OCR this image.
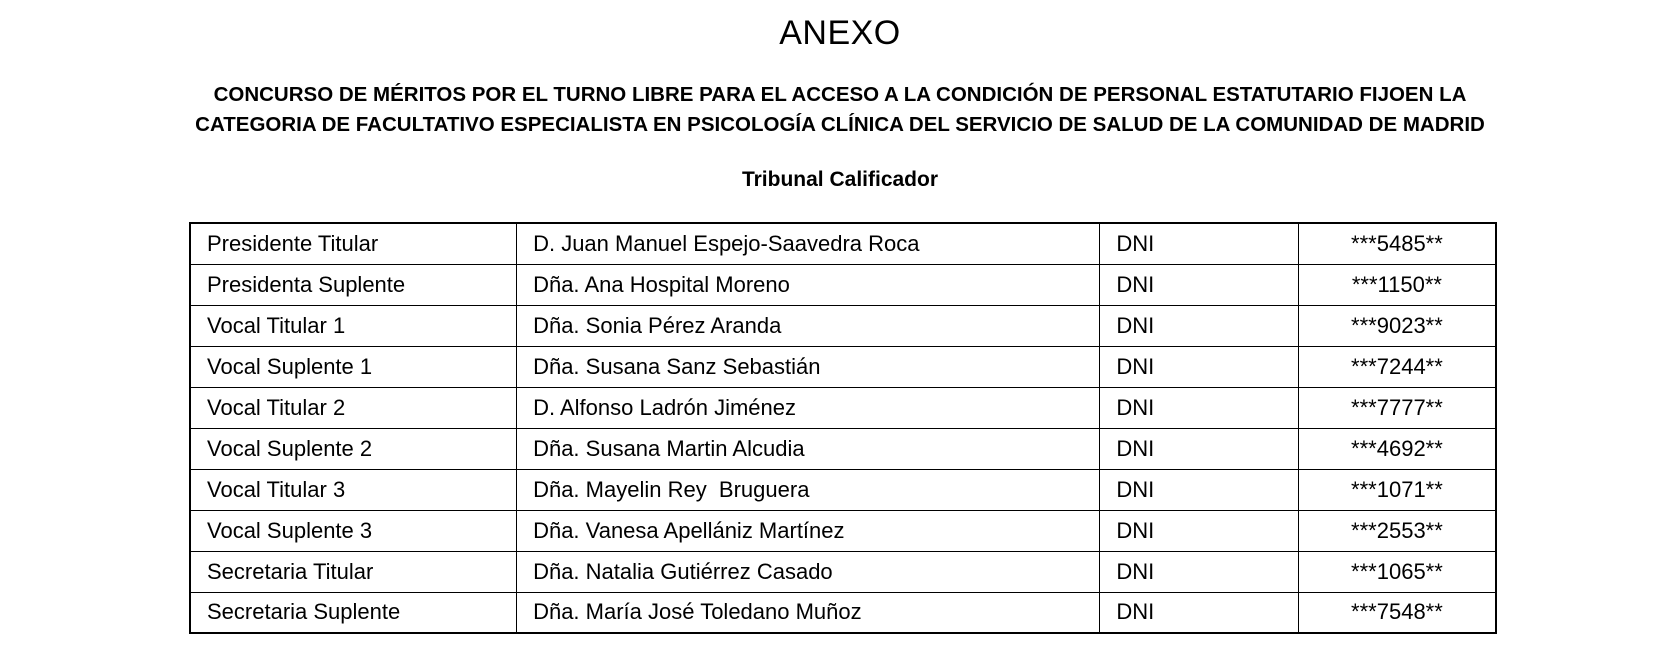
ANEXO
CONCURSO DE MÉRITOS POR EL TURNO LIBRE PARA EL ACCESO A LA CONDICIÓN DE PERSONAL ESTATUTARIO FIJOEN LA
CATEGORIA DE FACULTATIVO ESPECIALISTA EN PSICOLOGÍA CLÍNICA DEL SERVICIO DE SALUD DE LA COMUNIDAD DE MADRID
Tribunal Calificador
Presidente Titular	D. Juan Manuel Espejo-Saavedra Roca	DNI	***5485**
Presidenta Suplente	Dña. Ana Hospital Moreno	DNI	***1150**
Vocal Titular 1	Dña. Sonia Pérez Aranda	DNI	***9023**
Vocal Suplente 1	Dña. Susana Sanz Sebastián	DNI	***7244**
Vocal Titular 2	D. Alfonso Ladrón Jiménez	DNI	***7777**
Vocal Suplente 2	Dña. Susana Martin Alcudia	DNI	***4692**
Vocal Titular 3	Dña. Mayelin Rey  Bruguera	DNI	***1071**
Vocal Suplente 3	Dña. Vanesa Apellániz Martínez	DNI	***2553**
Secretaria Titular	Dña. Natalia Gutiérrez Casado	DNI	***1065**
Secretaria Suplente	Dña. María José Toledano Muñoz	DNI	***7548**
